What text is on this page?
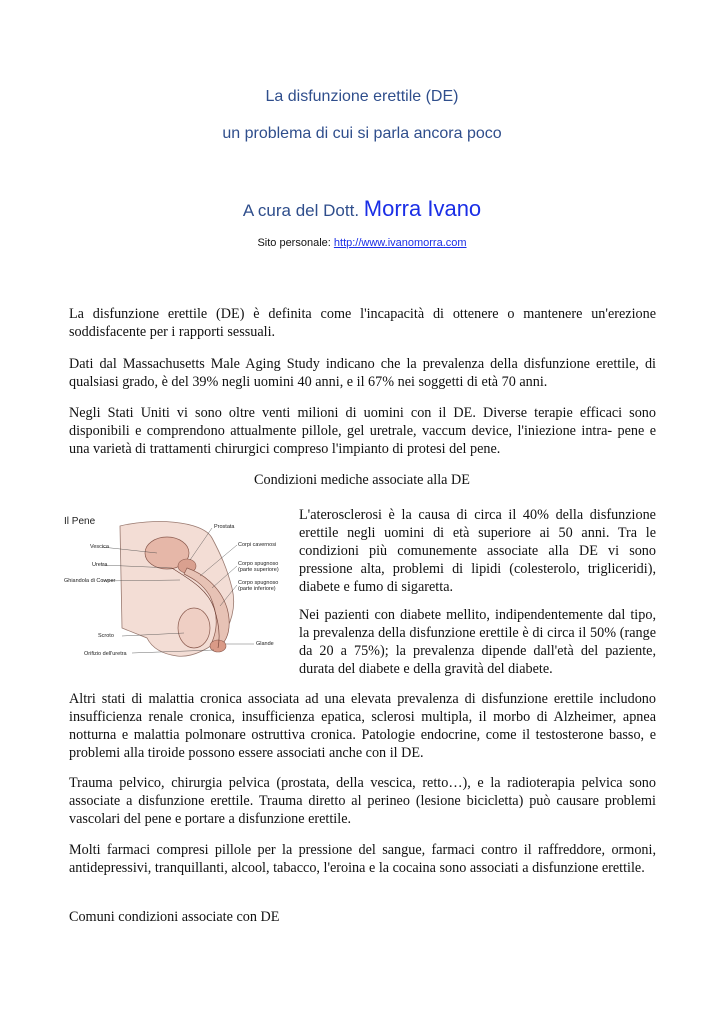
La disfunzione erettile (DE)
un problema di cui si parla ancora poco
A cura del Dott. Morra Ivano
Sito personale: http://www.ivanomorra.com

La disfunzione erettile (DE) è definita come l'incapacità di ottenere o mantenere un'erezione soddisfacente per i rapporti sessuali.

Dati dal Massachusetts Male Aging Study indicano che la prevalenza della disfunzione erettile, di qualsiasi grado, è del 39% negli uomini 40 anni, e il 67% nei soggetti di età 70 anni.

Negli Stati Uniti vi sono oltre venti milioni di uomini con il DE. Diverse terapie efficaci sono disponibili e comprendono attualmente pillole, gel uretrale, vaccum device, l'iniezione intra- pene e una varietà di trattamenti chirurgici compreso l'impianto di protesi del pene.

Condizioni mediche associate alla DE
Il Pene	Prostata
Vescica	Corpi cavernosi
Uretra	Corpo spugnoso
(parte superiore)
Ghiandola di Cowper	Corpo spugnoso
(parte inferiore)
Scroto
Glande
Orifizio dell'uretra

L'aterosclerosi è la causa di circa il 40% della disfunzione erettile negli uomini di età superiore ai 50 anni. Tra le condizioni più comunemente associate alla DE vi sono pressione alta, problemi di lipidi (colesterolo, trigliceridi), diabete e fumo di sigaretta.

Nei pazienti con diabete mellito, indipendentemente dal tipo, la prevalenza della disfunzione erettile è di circa il 50% (range da 20 a 75%); la prevalenza dipende dall'età del paziente, durata del diabete e della gravità del diabete.

Altri stati di malattia cronica associata ad una elevata prevalenza di disfunzione erettile includono insufficienza renale cronica, insufficienza epatica, sclerosi multipla, il morbo di Alzheimer, apnea notturna e malattia polmonare ostruttiva cronica. Patologie endocrine, come il testosterone basso, e problemi alla tiroide possono essere associati anche con il DE.

Trauma pelvico, chirurgia pelvica (prostata, della vescica, retto…), e la radioterapia pelvica sono associate a disfunzione erettile. Trauma diretto al perineo (lesione bicicletta) può causare problemi vascolari del pene e portare a disfunzione erettile.

Molti farmaci compresi pillole per la pressione del sangue, farmaci contro il raffreddore, ormoni, antidepressivi, tranquillanti, alcool, tabacco, l'eroina e la cocaina sono associati a disfunzione erettile.

Comuni condizioni associate con DE
